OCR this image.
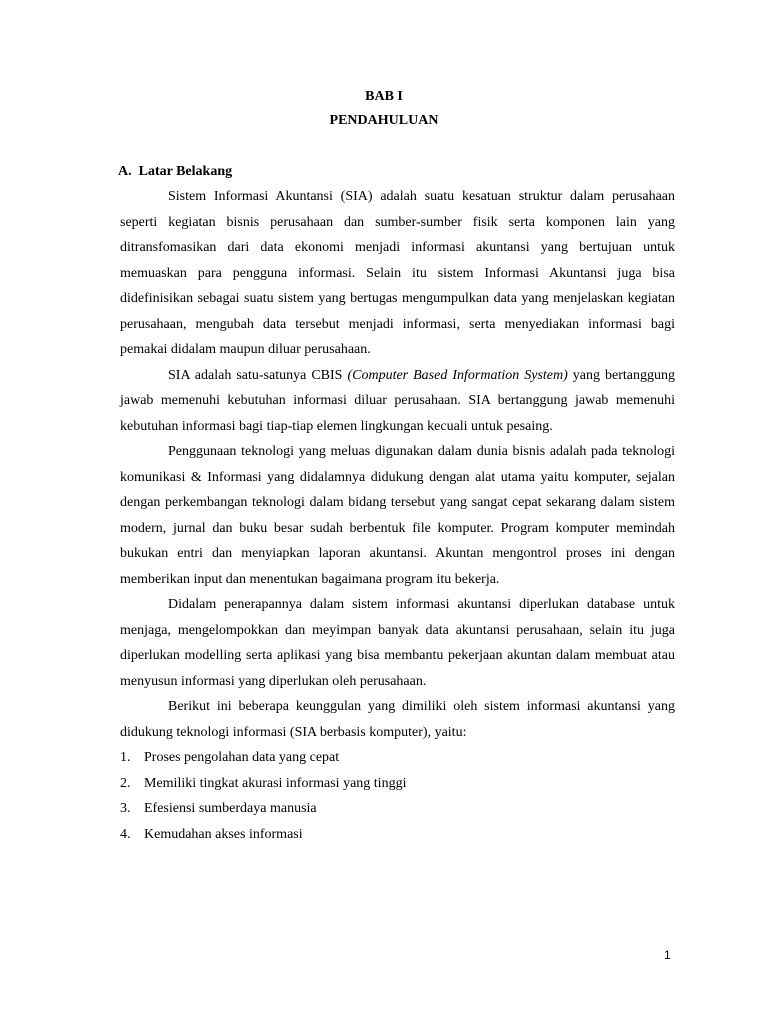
BAB I
PENDAHULUAN
A. Latar Belakang

Sistem Informasi Akuntansi (SIA) adalah suatu kesatuan struktur dalam perusahaan seperti kegiatan bisnis perusahaan dan sumber-sumber fisik serta komponen lain yang ditransfomasikan dari data ekonomi menjadi informasi akuntansi yang bertujuan untuk memuaskan para pengguna informasi. Selain itu sistem Informasi Akuntansi juga bisa didefinisikan sebagai suatu sistem yang bertugas mengumpulkan data yang menjelaskan kegiatan perusahaan, mengubah data tersebut menjadi informasi, serta menyediakan informasi bagi pemakai didalam maupun diluar perusahaan.

SIA adalah satu-satunya CBIS (Computer Based Information System) yang bertanggung jawab memenuhi kebutuhan informasi diluar perusahaan. SIA bertanggung jawab memenuhi kebutuhan informasi bagi tiap-tiap elemen lingkungan kecuali untuk pesaing.

Penggunaan teknologi yang meluas digunakan dalam dunia bisnis adalah pada teknologi komunikasi & Informasi yang didalamnya didukung dengan alat utama yaitu komputer, sejalan dengan perkembangan teknologi dalam bidang tersebut yang sangat cepat sekarang dalam sistem modern, jurnal dan buku besar sudah berbentuk file komputer. Program komputer memindah bukukan entri dan menyiapkan laporan akuntansi. Akuntan mengontrol proses ini dengan memberikan input dan menentukan bagaimana program itu bekerja.

Didalam penerapannya dalam sistem informasi akuntansi diperlukan database untuk menjaga, mengelompokkan dan meyimpan banyak data akuntansi perusahaan, selain itu juga diperlukan modelling serta aplikasi yang bisa membantu pekerjaan akuntan dalam membuat atau menyusun informasi yang diperlukan oleh perusahaan.

Berikut ini beberapa keunggulan yang dimiliki oleh sistem informasi akuntansi yang didukung teknologi informasi (SIA berbasis komputer), yaitu:

1. Proses pengolahan data yang cepat
2. Memiliki tingkat akurasi informasi yang tinggi
3. Efesiensi sumberdaya manusia
4. Kemudahan akses informasi
1
